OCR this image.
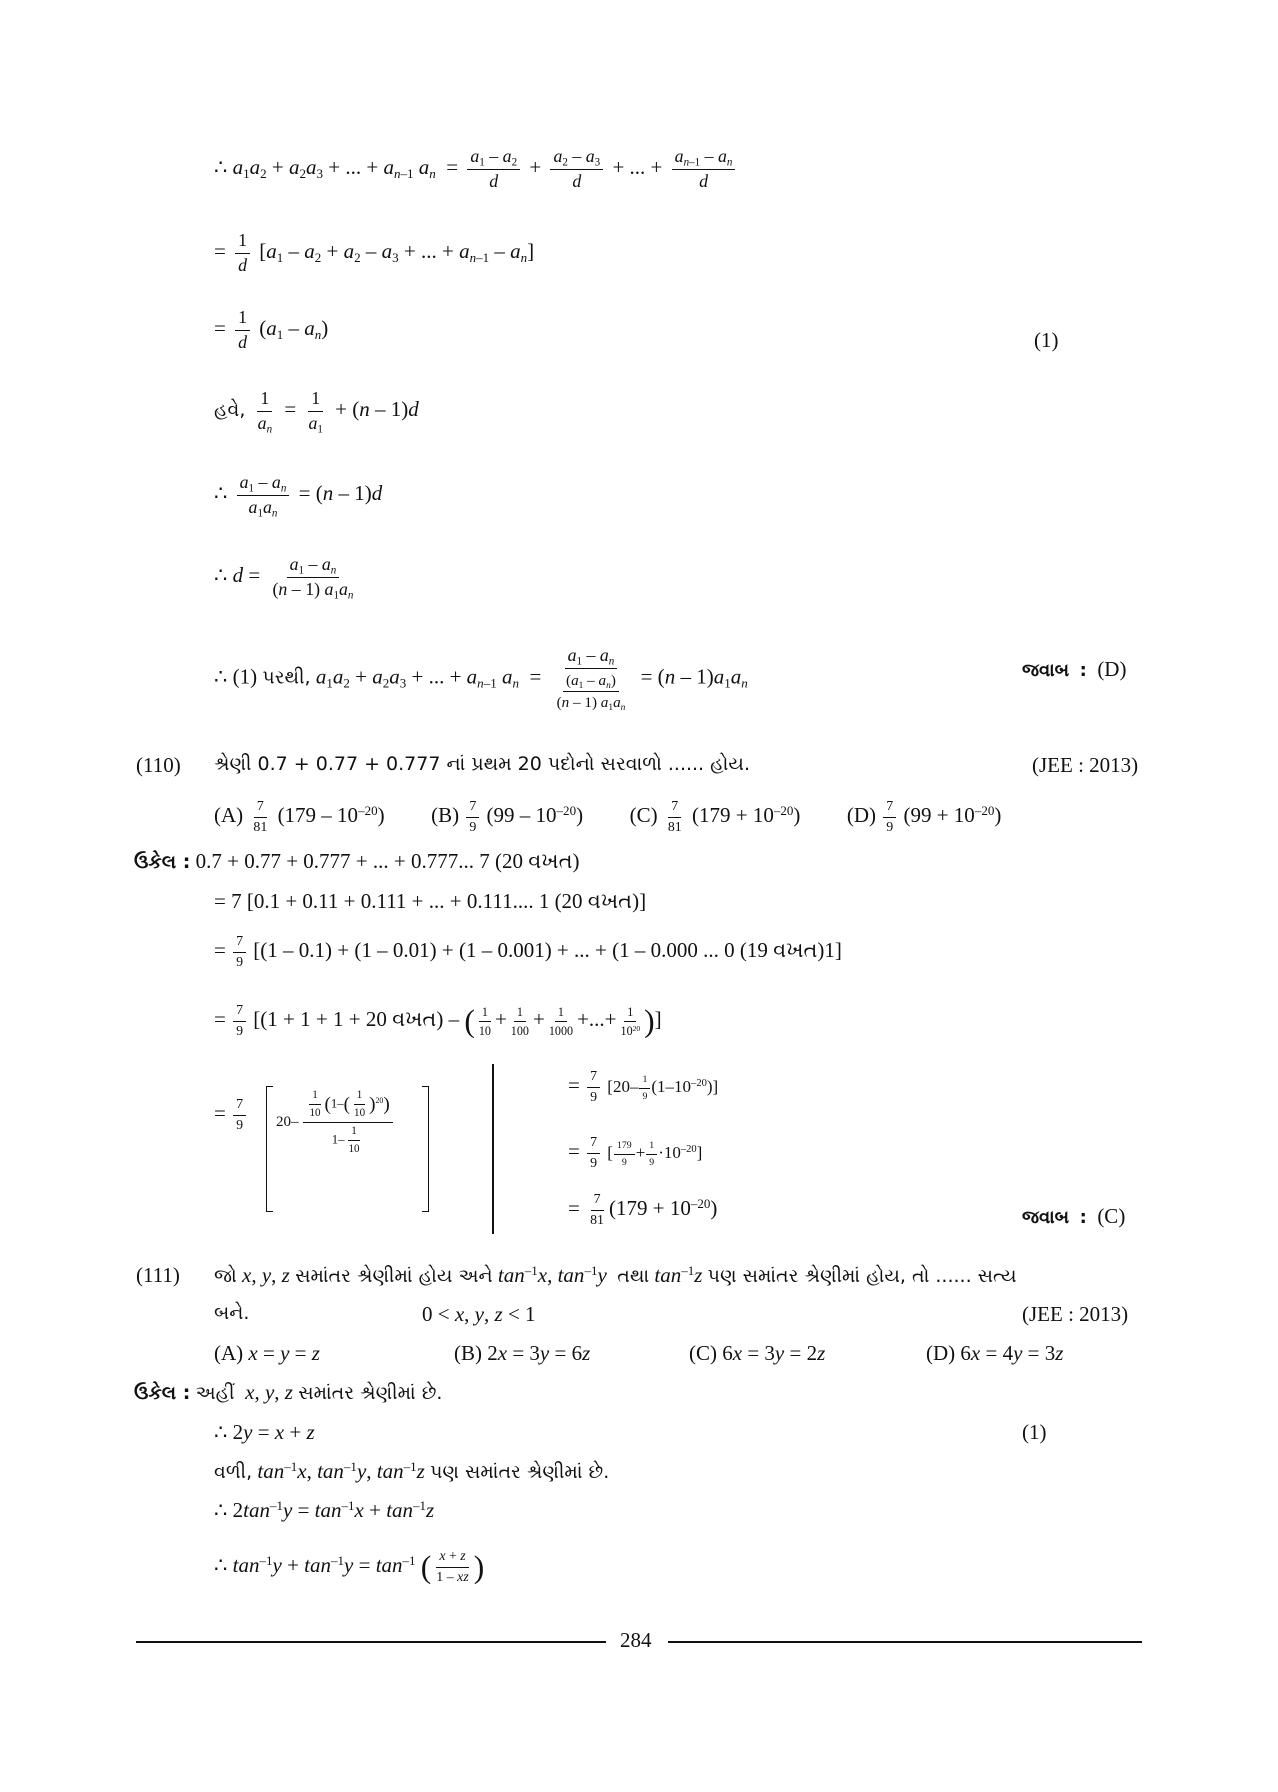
∴ $a_1a_2 + a_2a_3$ + ... + $a_{n-1}$ $a_n = \frac{a_1 - a_2}{d} + \frac{a_2 - a_3}{d}$ + ... + $\frac{a_{n-1} - a_n}{d}$
= $\frac{1}{d} [a_1 - a_2 + a_2 - a_3$ + ... + $a_{n-1} - a_n$]
= $\frac{1}{d} (a_1 - a_n)$	(1)
હવે, $\frac{1}{a_n} = \frac{1}{a_1} + (n - 1)d$
∴ $\frac{a_1 - a_n}{a_1a_n} = (n - 1)d$
∴ $d = \frac{a_1 - a_n}{(n - 1) a_1a_n}$
∴ (1) પરથી, $a_1a_2 + a_2a_3$ + ... + $a_{n-1}$ $a_n = \frac{a_1 - a_n}{\frac{(a_1 - a_n)}{(n - 1) a_1a_n}} = (n - 1)a_1a_n$
જવાબ : (D)
(110) શ્રેણી 0.7 + 0.77 + 0.777 નાં પ્રથમ 20 પદોનો સરવાળો ...... હોય.	(JEE : 2013)
$(A) \frac{7}{81} (179 - 10^{-20})$  $(B) \frac{7}{9} (99 - 10^{-20})$  $(C) \frac{7}{81} (179 + 10^{-20})$  $(D) \frac{7}{9} (99 + 10^{-20})$
ઉકેલ : 0.7 + 0.77 + 0.777 + ... + 0.777... 7 (20 વખત)
= 7 [0.1 + 0.11 + 0.111 + ... + 0.111.... 1 (20 વખત)]
= $\frac{7}{9} [(1 - 0.1) + (1 - 0.01) + (1 - 0.001)$ + ... + (1 – 0.000 ... 0 (19 વખત)1]
= $\frac{7}{9} [(1 + 1 + 1 + 20$ વખત) – ( $\frac{1}{10} + \frac{1}{100} + \frac{1}{1000}$ +...+ $\frac{1}{10^{20}}$ )]
= $\frac{7}{9} 20- \frac{\frac{1}{10} (1-( \frac{1}{10} )^{20})}{1- \frac{1}{10}}$
= $\frac{7}{9} [20- \frac{1}{9} (1-10^{-20})]$
= $\frac{7}{9}$ [ $\frac{179}{9} + \frac{1}{9} \cdot 10^{-20}$]
= $\frac{7}{81} (179 + 10^{-20})$	જવાબ : (C)
(111) જો x, y, z સમાંતર શ્રેણીમાં હોય અને $\tan^{-1}x$, $\tan^{-1}y$ તથા $\tan^{-1}z$ પણ સમાંતર શ્રેણીમાં હોય, તો ...... સત્ય
બને.	0 < x, y, z < 1	(JEE : 2013)
(A) x = y = z	(B) 2x = 3y = 6z	(C) 6x = 3y = 2z	(D) 6x = 4y = 3z
ઉકેલ : અહીં x, y, z સમાંતર શ્રેણીમાં છે.
∴ 2y = x + z	(1)
વળી, $\tan^{-1}x$, $\tan^{-1}y$, $\tan^{-1}z$ પણ સમાંતર શ્રેણીમાં છે.
∴ $2\tan^{-1}y = \tan^{-1}x + \tan^{-1}z$
∴ $\tan^{-1}y + \tan^{-1}y = \tan^{-1}$ ( $\frac{x + z}{1 - xz}$ )
284
